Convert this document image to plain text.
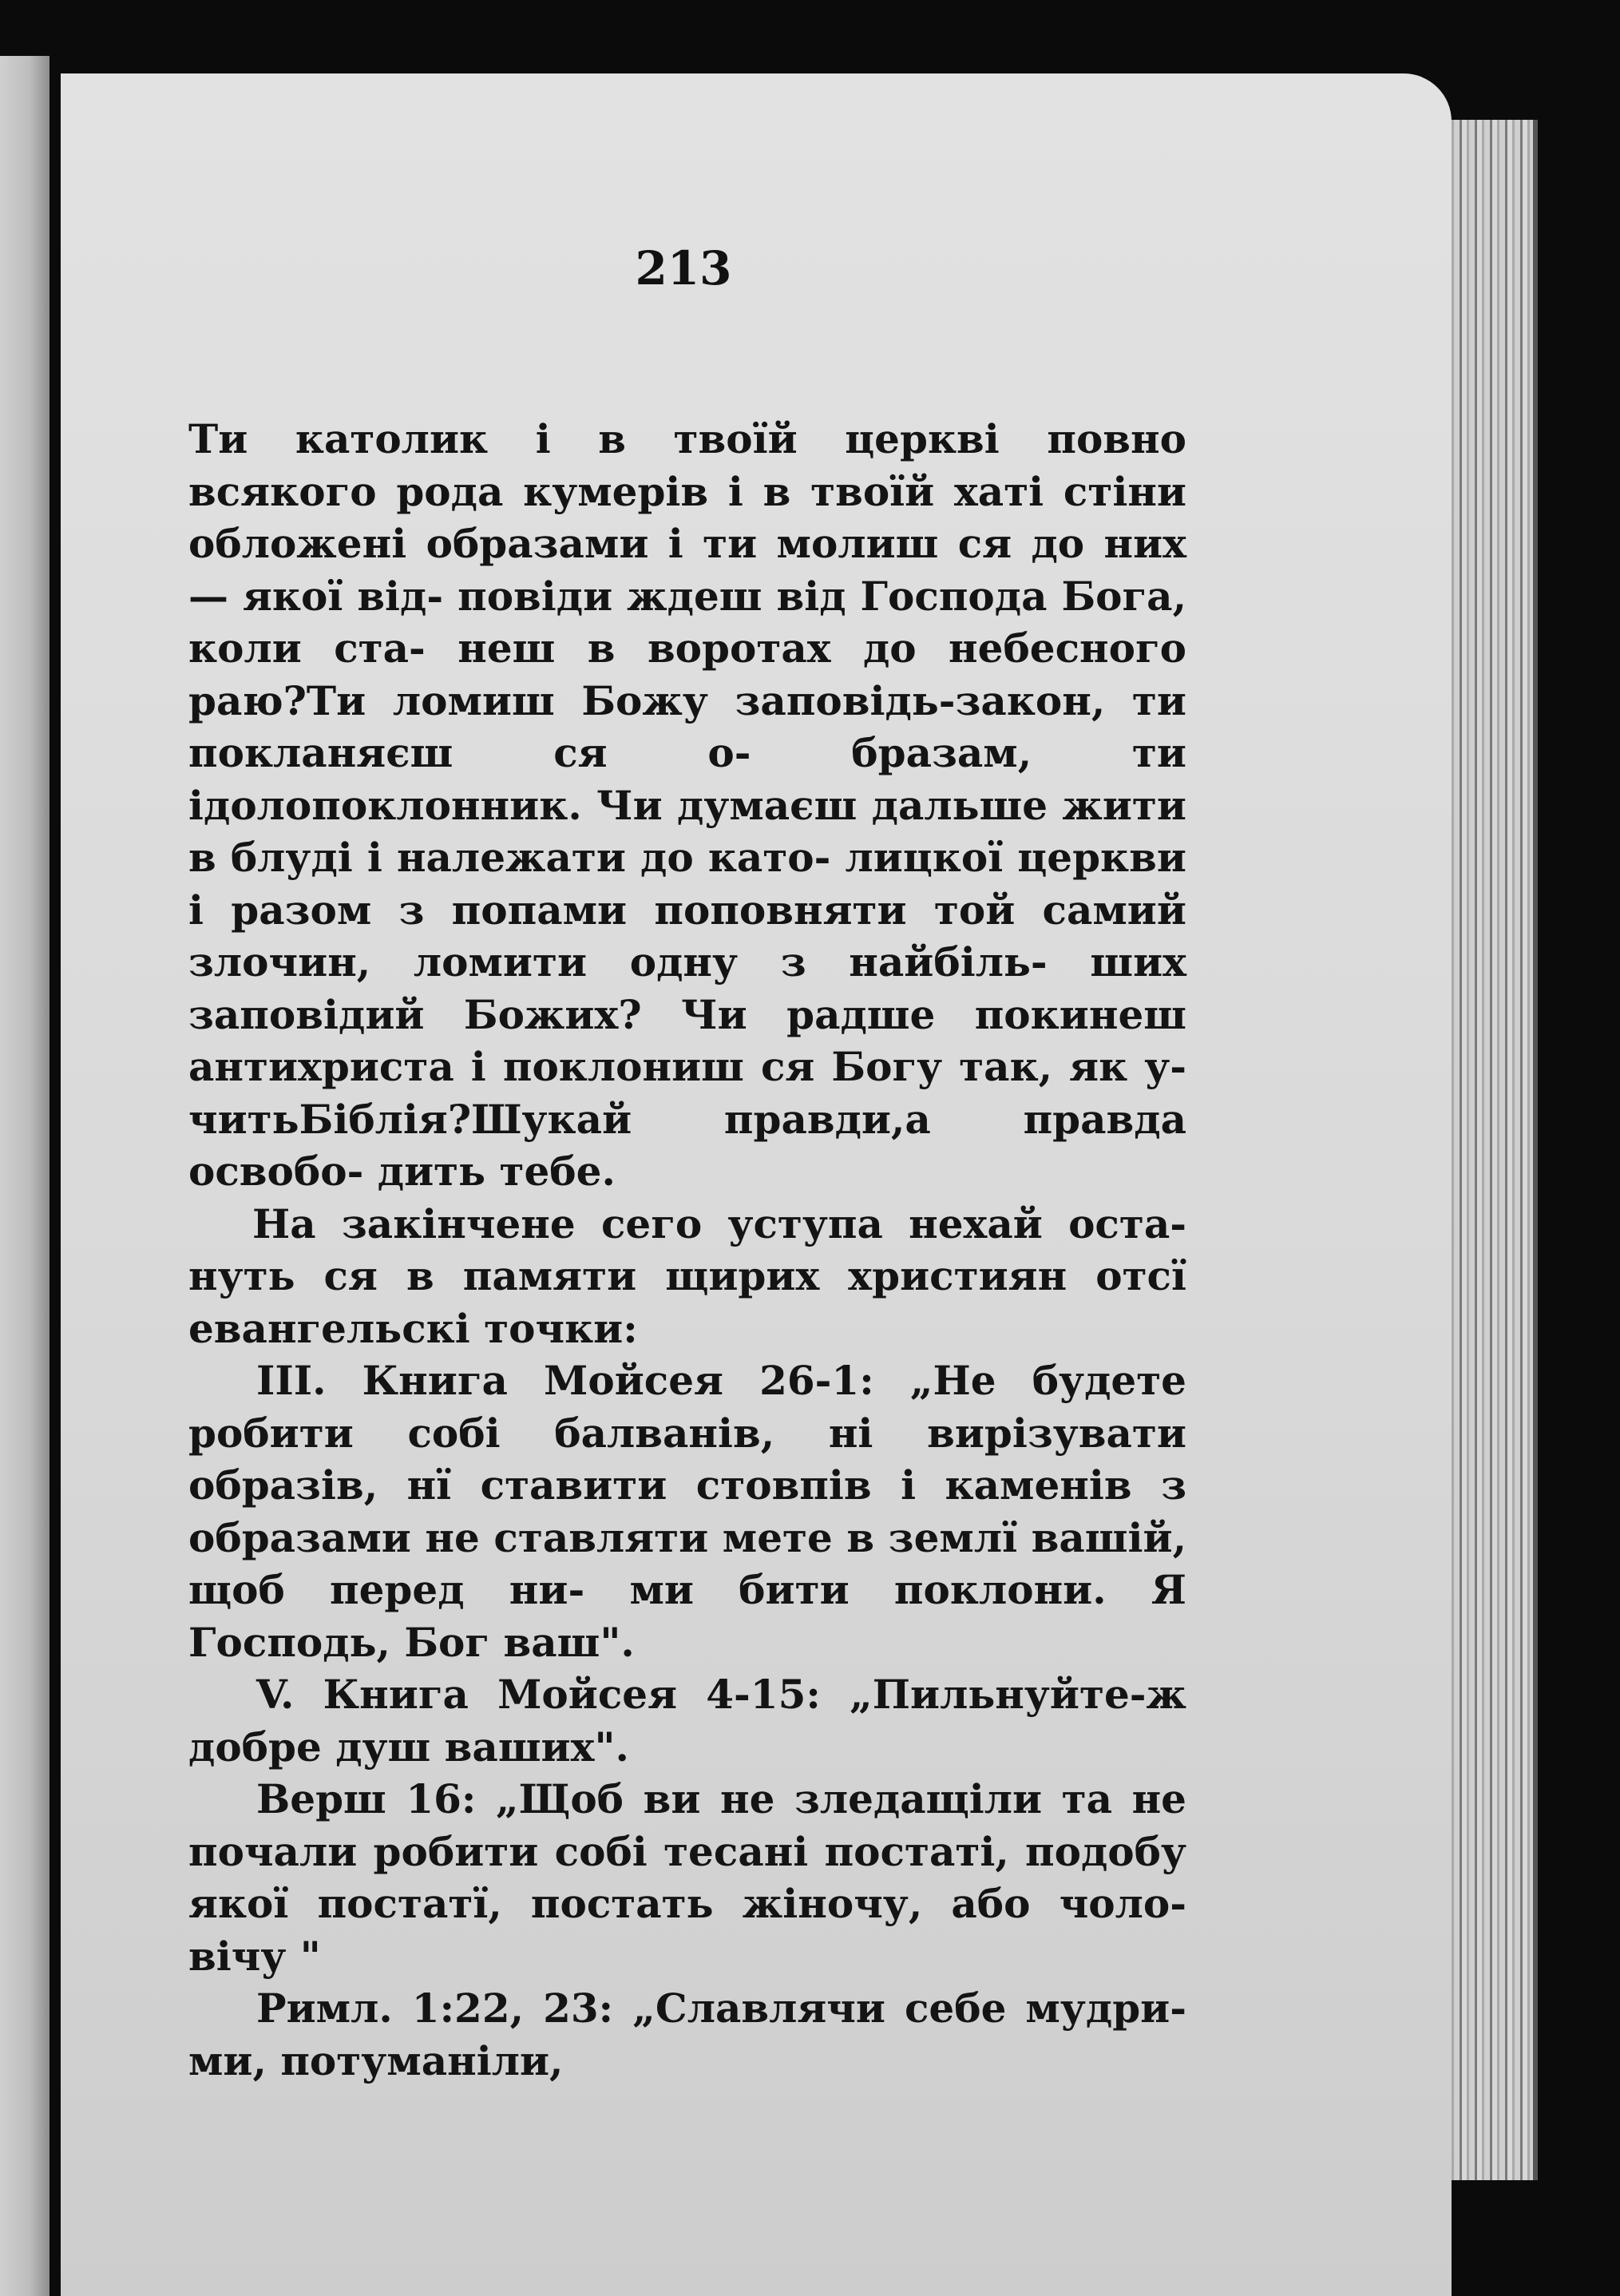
213

Ти католик і в твоїй церкві повно всякого рода кумерів і в твоїй хаті стіни обложені образами і ти молиш ся до них — якої від- повіди ждеш від Господа Бога, коли ста- неш в воротах до небесного раю?Ти ломиш Божу заповідь-закон, ти покланяєш ся о-	бразам, ти ідолопоклонник. Чи думаєш дальше жити в блуді і належати до като- лицкої церкви і разом з попами поповняти той самий злочин, ломити одну з найбіль- ших заповідий Божих? Чи радше покинеш антихриста і поклониш ся Богу так, як у- читьБіблія?Шукай правди,а правда освобо- дить тебе.

На закінчене сего уступа нехай оста- нуть ся в памяти щирих християн отсї евангельскі точки:

III. Книга Мойсея 26-1: „Не будете робити собі балванів, ні вирізувати образів, нї ставити стовпів і каменів з образами не ставляти мете в землї вашій, щоб перед ни- ми бити поклони. Я Господь, Бог ваш".

V. Книга Мойсея 4-15: „Пильнуйте-ж добре душ ваших".

Верш 16: „Щоб ви не зледащіли та не почали робити собі тесані постаті, подобу якої постатї, постать жіночу, або чоло- вічу "

Римл. 1:22, 23: „Славлячи себе мудри- ми, потуманіли,
